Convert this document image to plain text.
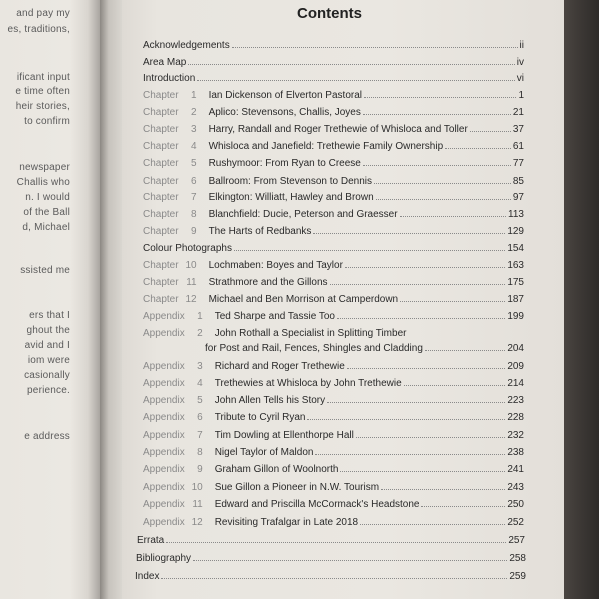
and pay my
es, traditions,
ificant input
e time often
heir stories,
to confirm
newspaper
Challis who
n. I would
of the Ball
d, Michael
ssisted me
ers that I
ghout the
avid and I
iom were
casionally
perience.
e address
Contents
Acknowledgements	ii
Area Map	iv
Introduction	vi
Chapter	1 Ian Dickenson of Elverton Pastoral	1
Chapter	2 Aplico: Stevensons, Challis, Joyes	21
Chapter	3 Harry, Randall and Roger Trethewie of Whisloca and Toller	37
Chapter	4 Whisloca and Janefield: Trethewie Family Ownership	61
Chapter	5 Rushymoor: From Ryan to Creese	77
Chapter	6 Ballroom: From Stevenson to Dennis	85
Chapter	7 Elkington: Williatt, Hawley and Brown	97
Chapter	8 Blanchfield: Ducie, Peterson and Graesser	113
Chapter	9 The Harts of Redbanks	129
Colour Photographs	154
Chapter 10 Lochmaben: Boyes and Taylor	163
Chapter 11 Strathmore and the Gillons	175
Chapter 12 Michael and Ben Morrison at Camperdown	187
Appendix	1 Ted Sharpe and Tassie Too	199
Appendix	2 John Rothall a Specialist in Splitting Timber
for Post and Rail, Fences, Shingles and Cladding	204
Appendix	3 Richard and Roger Trethewie	209
Appendix	4 Trethewies at Whisloca by John Trethewie	214
Appendix	5 John Allen Tells his Story	223
Appendix	6 Tribute to Cyril Ryan	228
Appendix	7 Tim Dowling at Ellenthorpe Hall	232
Appendix	8 Nigel Taylor of Maldon	238
Appendix	9 Graham Gillon of Woolnorth	241
Appendix 10 Sue Gillon a Pioneer in N.W. Tourism	243
Appendix 11 Edward and Priscilla McCormack's Headstone	250
Appendix 12 Revisiting Trafalgar in Late 2018	252
Errata	257
Bibliography	258
Index	259
